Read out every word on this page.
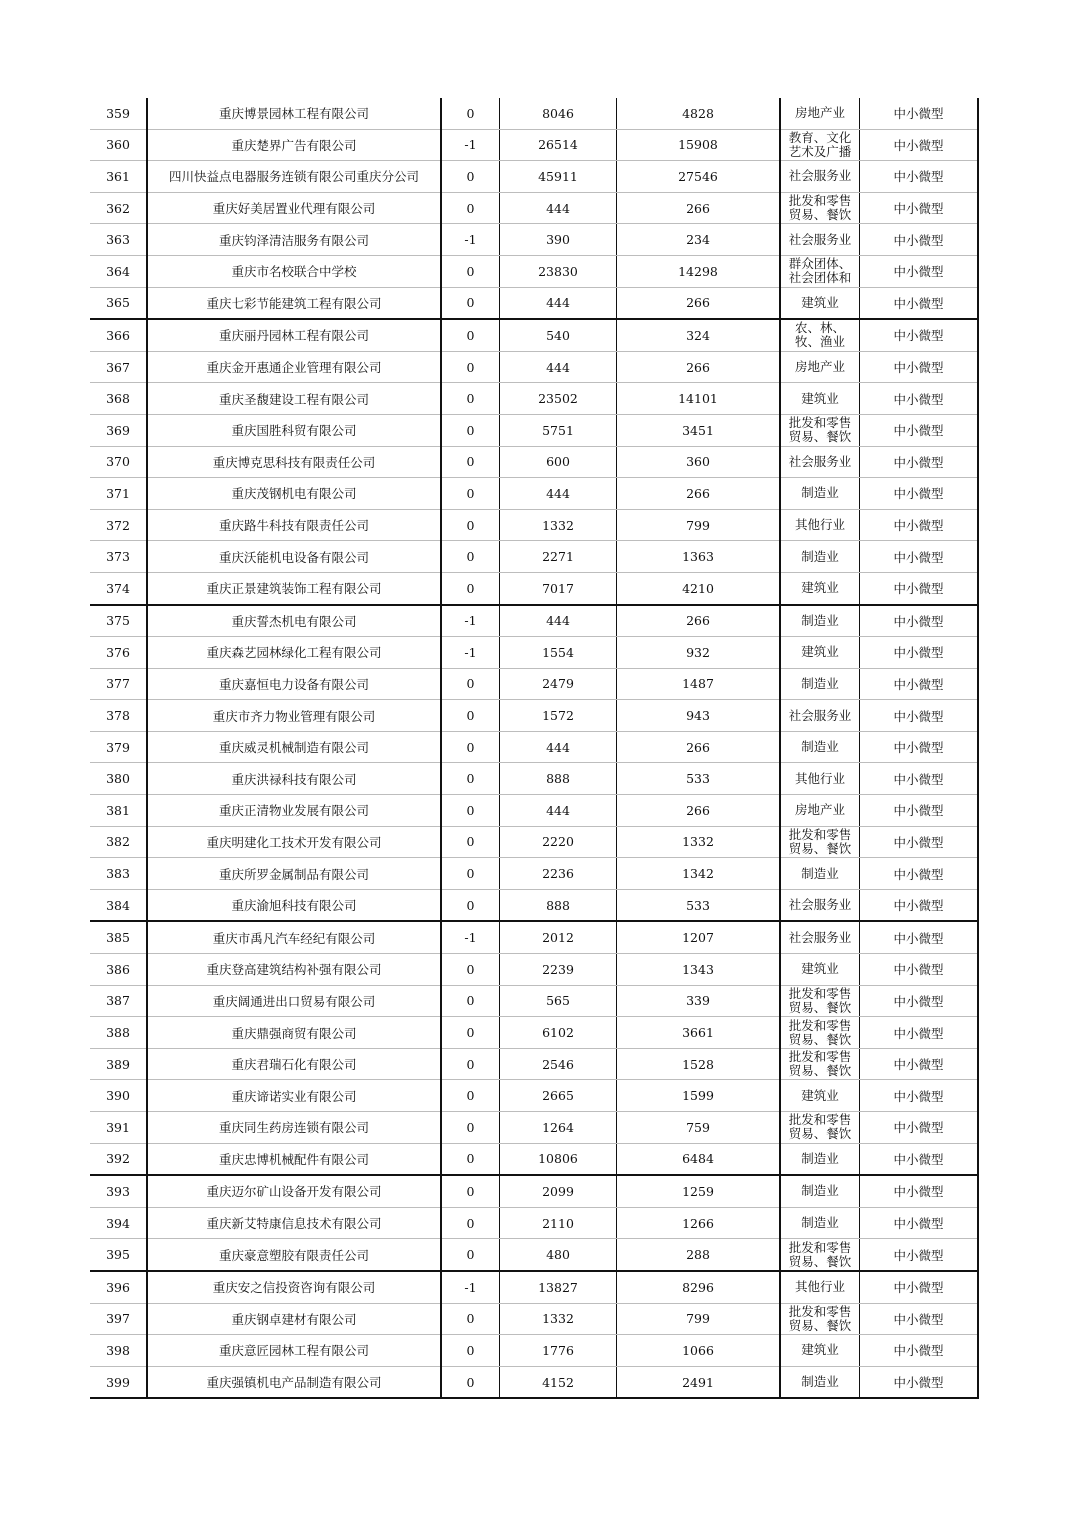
359	重庆博景园林工程有限公司	0	8046	4828	房地产业	中小微型
360	重庆楚界广告有限公司	-1	26514	15908	教育、文化艺术及广播	中小微型
361	四川快益点电器服务连锁有限公司重庆分公司	0	45911	27546	社会服务业	中小微型
362	重庆好美居置业代理有限公司	0	444	266	批发和零售贸易、餐饮	中小微型
363	重庆钧泽清洁服务有限公司	-1	390	234	社会服务业	中小微型
364	重庆市名校联合中学校	0	23830	14298	群众团体、社会团体和	中小微型
365	重庆七彩节能建筑工程有限公司	0	444	266	建筑业	中小微型
366	重庆丽丹园林工程有限公司	0	540	324	农、林、牧、渔业	中小微型
367	重庆金开惠通企业管理有限公司	0	444	266	房地产业	中小微型
368	重庆圣馥建设工程有限公司	0	23502	14101	建筑业	中小微型
369	重庆国胜科贸有限公司	0	5751	3451	批发和零售贸易、餐饮	中小微型
370	重庆博克思科技有限责任公司	0	600	360	社会服务业	中小微型
371	重庆茂钢机电有限公司	0	444	266	制造业	中小微型
372	重庆路牛科技有限责任公司	0	1332	799	其他行业	中小微型
373	重庆沃能机电设备有限公司	0	2271	1363	制造业	中小微型
374	重庆正景建筑装饰工程有限公司	0	7017	4210	建筑业	中小微型
375	重庆誓杰机电有限公司	-1	444	266	制造业	中小微型
376	重庆森艺园林绿化工程有限公司	-1	1554	932	建筑业	中小微型
377	重庆嘉恒电力设备有限公司	0	2479	1487	制造业	中小微型
378	重庆市齐力物业管理有限公司	0	1572	943	社会服务业	中小微型
379	重庆威灵机械制造有限公司	0	444	266	制造业	中小微型
380	重庆洪禄科技有限公司	0	888	533	其他行业	中小微型
381	重庆正清物业发展有限公司	0	444	266	房地产业	中小微型
382	重庆明建化工技术开发有限公司	0	2220	1332	批发和零售贸易、餐饮	中小微型
383	重庆所罗金属制品有限公司	0	2236	1342	制造业	中小微型
384	重庆渝旭科技有限公司	0	888	533	社会服务业	中小微型
385	重庆市禹凡汽车经纪有限公司	-1	2012	1207	社会服务业	中小微型
386	重庆登高建筑结构补强有限公司	0	2239	1343	建筑业	中小微型
387	重庆阔通进出口贸易有限公司	0	565	339	批发和零售贸易、餐饮	中小微型
388	重庆鼎强商贸有限公司	0	6102	3661	批发和零售贸易、餐饮	中小微型
389	重庆君瑞石化有限公司	0	2546	1528	批发和零售贸易、餐饮	中小微型
390	重庆谛诺实业有限公司	0	2665	1599	建筑业	中小微型
391	重庆同生药房连锁有限公司	0	1264	759	批发和零售贸易、餐饮	中小微型
392	重庆忠博机械配件有限公司	0	10806	6484	制造业	中小微型
393	重庆迈尔矿山设备开发有限公司	0	2099	1259	制造业	中小微型
394	重庆新艾特康信息技术有限公司	0	2110	1266	制造业	中小微型
395	重庆豪意塑胶有限责任公司	0	480	288	批发和零售贸易、餐饮	中小微型
396	重庆安之信投资咨询有限公司	-1	13827	8296	其他行业	中小微型
397	重庆钢卓建材有限公司	0	1332	799	批发和零售贸易、餐饮	中小微型
398	重庆意匠园林工程有限公司	0	1776	1066	建筑业	中小微型
399	重庆强镇机电产品制造有限公司	0	4152	2491	制造业	中小微型
